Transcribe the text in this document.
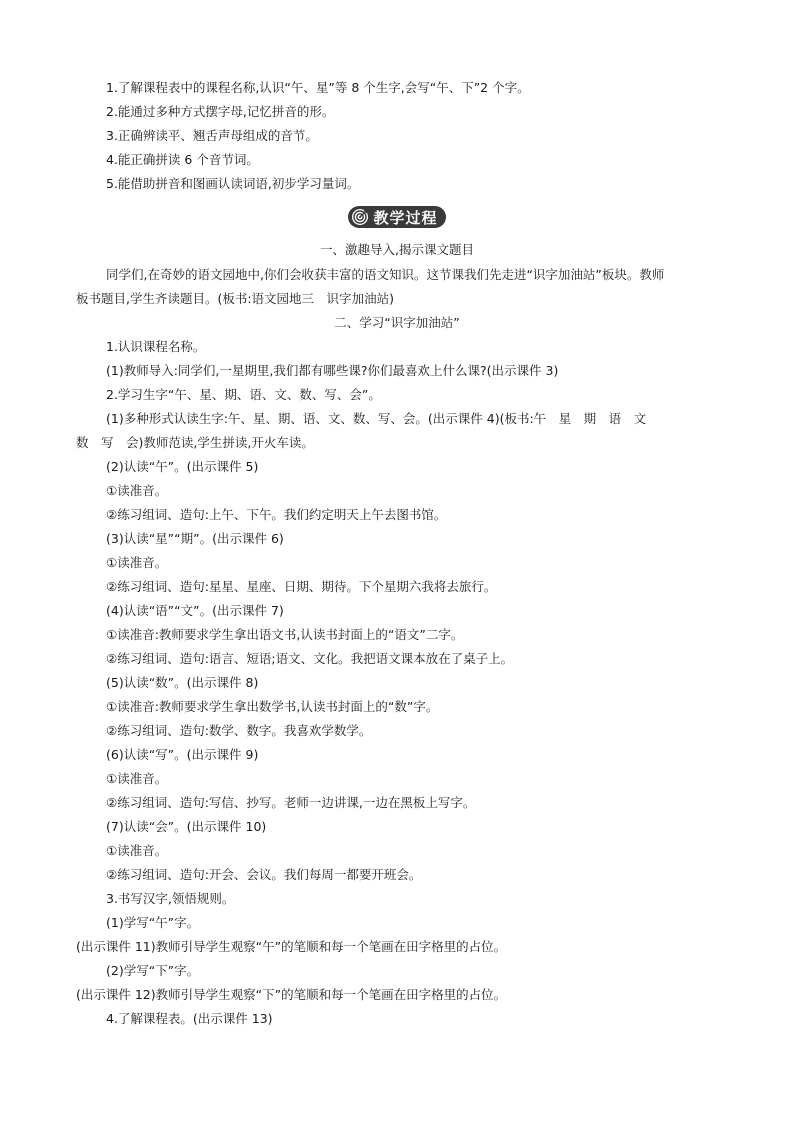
1.了解课程表中的课程名称,认识“午、星”等 8 个生字,会写“午、下”2 个字。
2.能通过多种方式摆字母,记忆拼音的形。
3.正确辨读平、翘舌声母组成的音节。
4.能正确拼读 6 个音节词。
5.能借助拼音和图画认读词语,初步学习量词。
教学过程
一、激趣导入,揭示课文题目
同学们,在奇妙的语文园地中,你们会收获丰富的语文知识。这节课我们先走进“识字加油站”板块。教师
板书题目,学生齐读题目。(板书:语文园地三　识字加油站)
二、学习“识字加油站”
1.认识课程名称。
(1)教师导入:同学们,一星期里,我们都有哪些课?你们最喜欢上什么课?(出示课件 3)
2.学习生字“午、星、期、语、文、数、写、会”。
(1)多种形式认读生字:午、星、期、语、文、数、写、会。(出示课件 4)(板书:午　星　期　语　文
数　写　会)教师范读,学生拼读,开火车读。
(2)认读“午”。(出示课件 5)
①读准音。
②练习组词、造句:上午、下午。我们约定明天上午去图书馆。
(3)认读“星”“期”。(出示课件 6)
①读准音。
②练习组词、造句:星星、星座、日期、期待。下个星期六我将去旅行。
(4)认读“语”“文”。(出示课件 7)
①读准音:教师要求学生拿出语文书,认读书封面上的“语文”二字。
②练习组词、造句:语言、短语;语文、文化。我把语文课本放在了桌子上。
(5)认读“数”。(出示课件 8)
①读准音:教师要求学生拿出数学书,认读书封面上的“数”字。
②练习组词、造句:数学、数字。我喜欢学数学。
(6)认读“写”。(出示课件 9)
①读准音。
②练习组词、造句:写信、抄写。老师一边讲课,一边在黑板上写字。
(7)认读“会”。(出示课件 10)
①读准音。
②练习组词、造句:开会、会议。我们每周一都要开班会。
3.书写汉字,领悟规则。
(1)学写“午”字。
(出示课件 11)教师引导学生观察“午”的笔顺和每一个笔画在田字格里的占位。
(2)学写“下”字。
(出示课件 12)教师引导学生观察“下”的笔顺和每一个笔画在田字格里的占位。
4.了解课程表。(出示课件 13)
